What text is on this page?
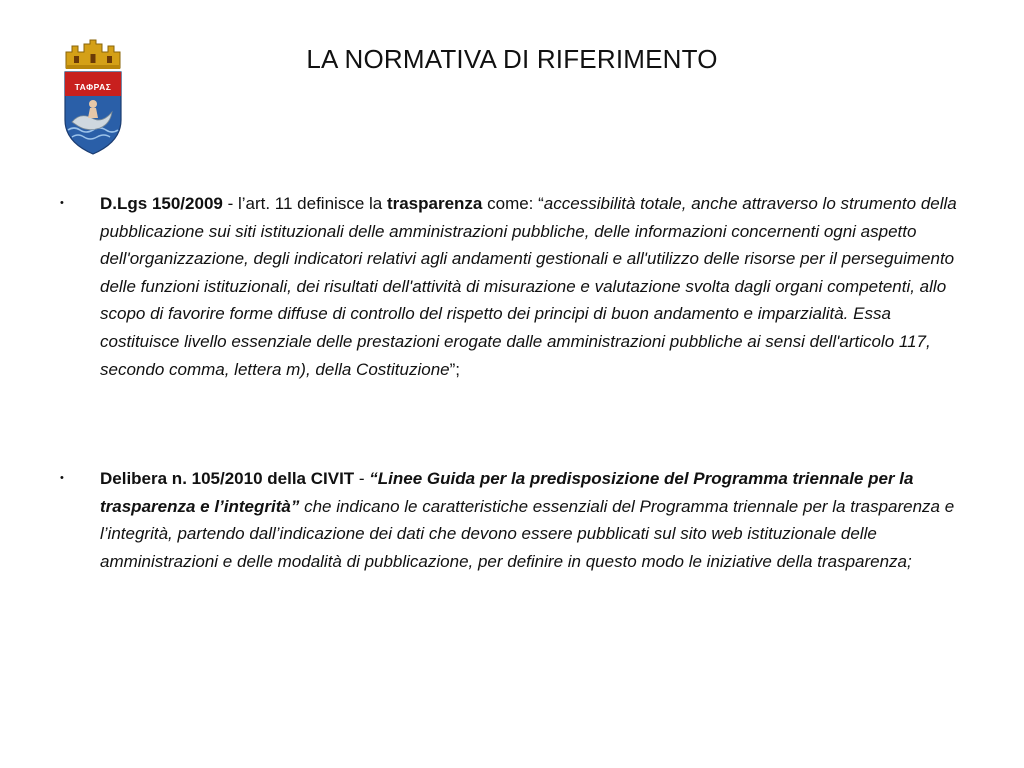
ΤΑΦΡΑΣ
LA NORMATIVA DI RIFERIMENTO
• D.Lgs 150/2009 - l’art. 11 definisce la trasparenza come: “accessibilità totale, anche attraverso lo strumento della pubblicazione sui siti istituzionali delle amministrazioni pubbliche, delle informazioni concernenti ogni aspetto dell'organizzazione, degli indicatori relativi agli andamenti gestionali e all'utilizzo delle risorse per il perseguimento delle funzioni istituzionali, dei risultati dell'attività di misurazione e valutazione svolta dagli organi competenti, allo scopo di favorire forme diffuse di controllo del rispetto dei principi di buon andamento e imparzialità. Essa costituisce livello essenziale delle prestazioni erogate dalle amministrazioni pubbliche ai sensi dell'articolo 117, secondo comma, lettera m), della Costituzione”;
• Delibera n. 105/2010 della CIVIT - “Linee Guida per la predisposizione del Programma triennale per la trasparenza e l’integrità” che indicano le caratteristiche essenziali del Programma triennale per la trasparenza e l’integrità, partendo dall’indicazione dei dati che devono essere pubblicati sul sito web istituzionale delle amministrazioni e delle modalità di pubblicazione, per definire in questo modo le iniziative della trasparenza;
